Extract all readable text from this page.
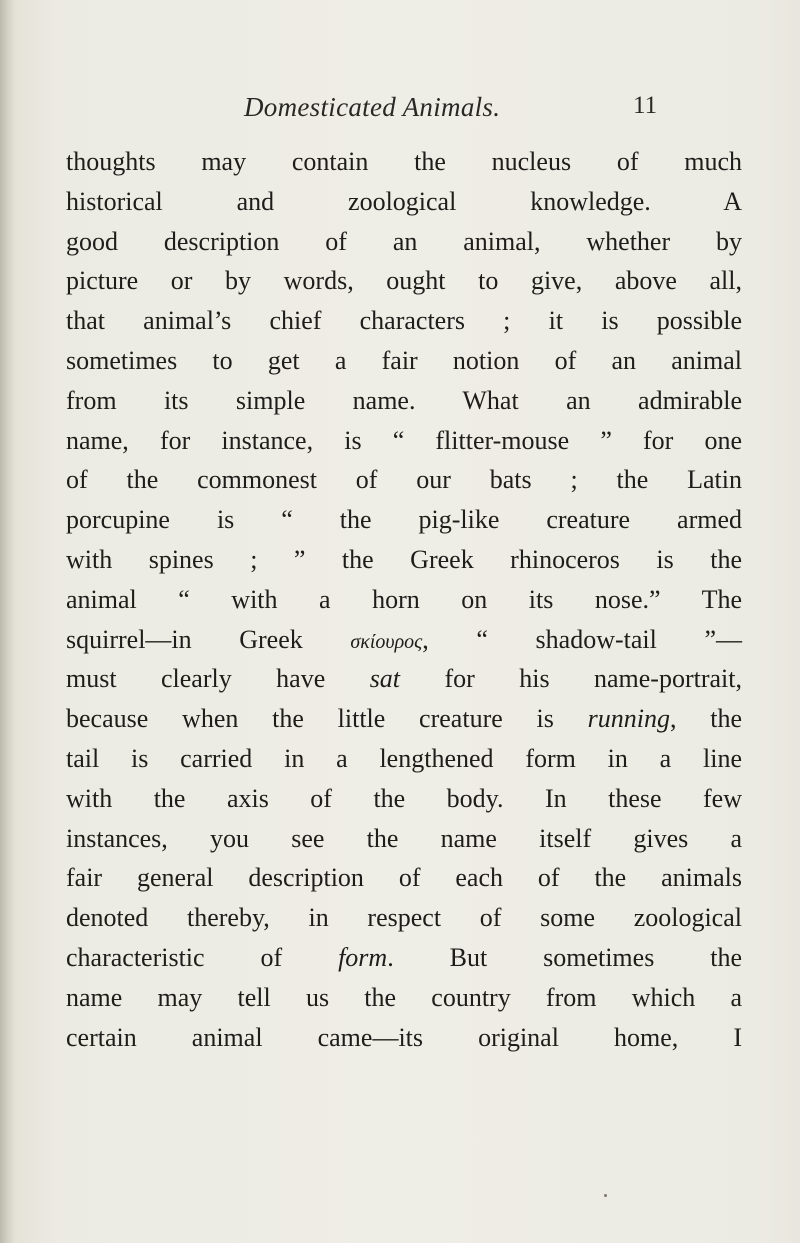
Domesticated Animals.	11
thoughts may contain the nucleus of much
historical and zoological knowledge. A
good description of an animal, whether by
picture or by words, ought to give, above all,
that animal’s chief characters ; it is possible
sometimes to get a fair notion of an animal
from its simple name. What an admirable
name, for instance, is “ flitter-mouse ” for one
of the commonest of our bats ; the Latin
porcupine is “ the pig-like creature armed
with spines ; ” the Greek rhinoceros is the
animal “ with a horn on its nose.” The
squirrel—in Greek σκίουρος, “ shadow-tail ”—
must clearly have sat for his name-portrait,
because when the little creature is running, the
tail is carried in a lengthened form in a line
with the axis of the body. In these few
instances, you see the name itself gives a
fair general description of each of the animals
denoted thereby, in respect of some zoological
characteristic of form. But sometimes the
name may tell us the country from which a
certain animal came—its original home, I
